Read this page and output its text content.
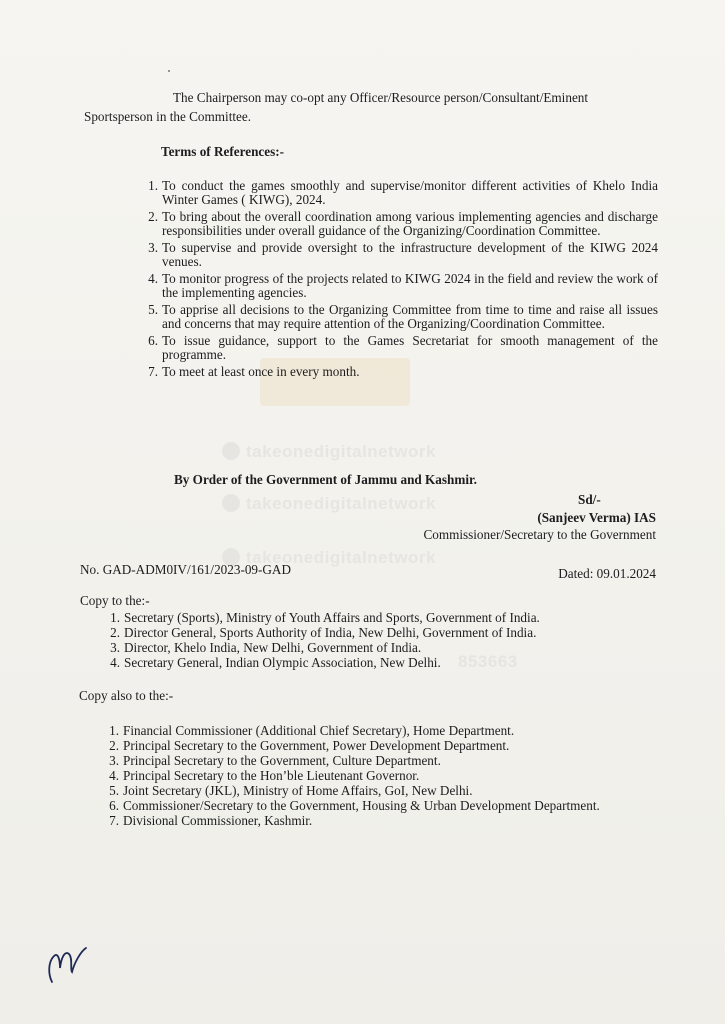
takeonedigitalnetwork
takeonedigitalnetwork
takeonedigitalnetwork
853663
The Chairperson may co-opt any Officer/Resource person/Consultant/Eminent
Sportsperson in the Committee.
Terms of References:-
1. To conduct the games smoothly and supervise/monitor different activities of Khelo India Winter Games ( KIWG), 2024.
2. To bring about the overall coordination among various implementing agencies and discharge responsibilities under overall guidance of the Organizing/Coordination Committee.
3. To supervise and provide oversight to the infrastructure development of the KIWG 2024 venues.
4. To monitor progress of the projects related to KIWG 2024 in the field and review the work of the implementing agencies.
5. To apprise all decisions to the Organizing Committee from time to time and raise all issues and concerns that may require attention of the Organizing/Coordination Committee.
6. To issue guidance, support to the Games Secretariat for smooth management of the programme.
7. To meet at least once in every month.
By Order of the Government of Jammu and Kashmir.
Sd/-
(Sanjeev Verma) IAS
Commissioner/Secretary to the Government
No. GAD-ADM0IV/161/2023-09-GAD	Dated: 09.01.2024
Copy to the:-
1. Secretary (Sports), Ministry of Youth Affairs and Sports, Government of India.
2. Director General, Sports Authority of India, New Delhi, Government of India.
3. Director, Khelo India, New Delhi, Government of India.
4. Secretary General, Indian Olympic Association, New Delhi.
Copy also to the:-
1. Financial Commissioner (Additional Chief Secretary), Home Department.
2. Principal Secretary to the Government, Power Development Department.
3. Principal Secretary to the Government, Culture Department.
4. Principal Secretary to the Hon’ble Lieutenant Governor.
5. Joint Secretary (JKL), Ministry of Home Affairs, GoI, New Delhi.
6. Commissioner/Secretary to the Government, Housing & Urban Development Department.
7. Divisional Commissioner, Kashmir.
